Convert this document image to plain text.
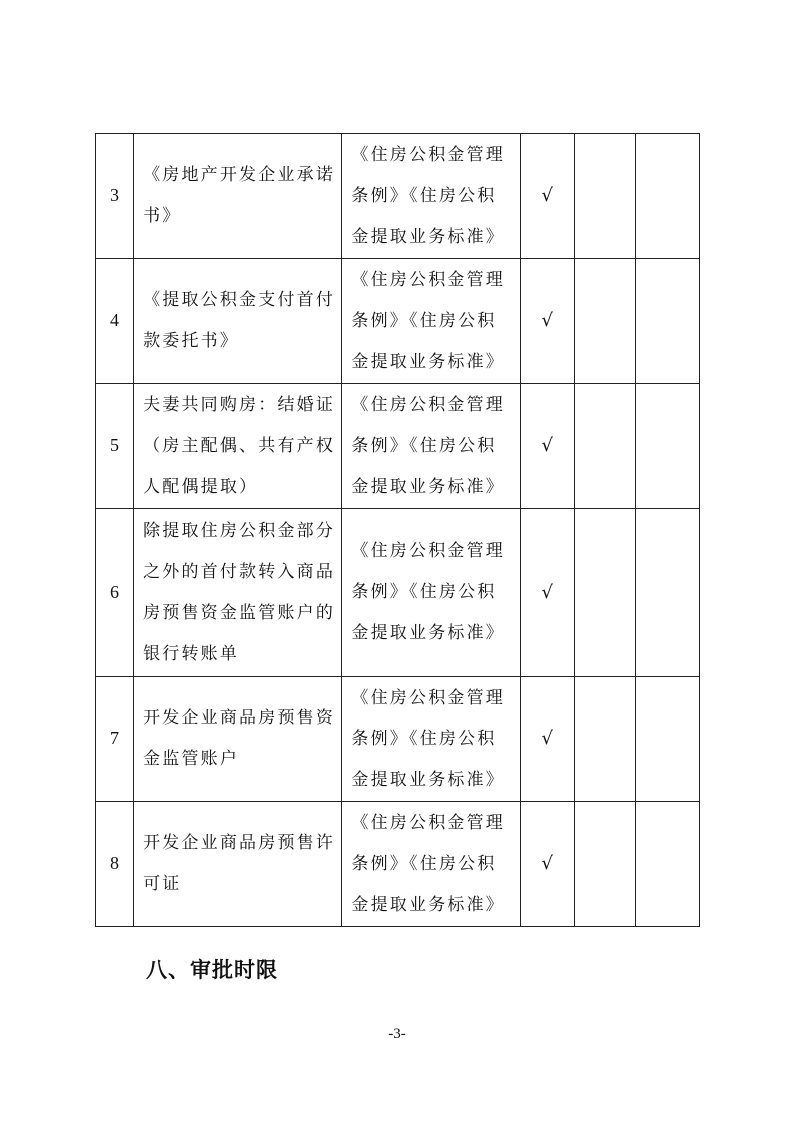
3	《房地产开发企业承诺书》	《住房公积金管理条例》《住房公积金提取业务标准》	√		
4	《提取公积金支付首付款委托书》	《住房公积金管理条例》《住房公积金提取业务标准》	√		
5	夫妻共同购房：结婚证（房主配偶、共有产权人配偶提取）	《住房公积金管理条例》《住房公积金提取业务标准》	√		
6	除提取住房公积金部分之外的首付款转入商品房预售资金监管账户的银行转账单	《住房公积金管理条例》《住房公积金提取业务标准》	√		
7	开发企业商品房预售资金监管账户	《住房公积金管理条例》《住房公积金提取业务标准》	√		
8	开发企业商品房预售许可证	《住房公积金管理条例》《住房公积金提取业务标准》	√		
八、审批时限
-3-
